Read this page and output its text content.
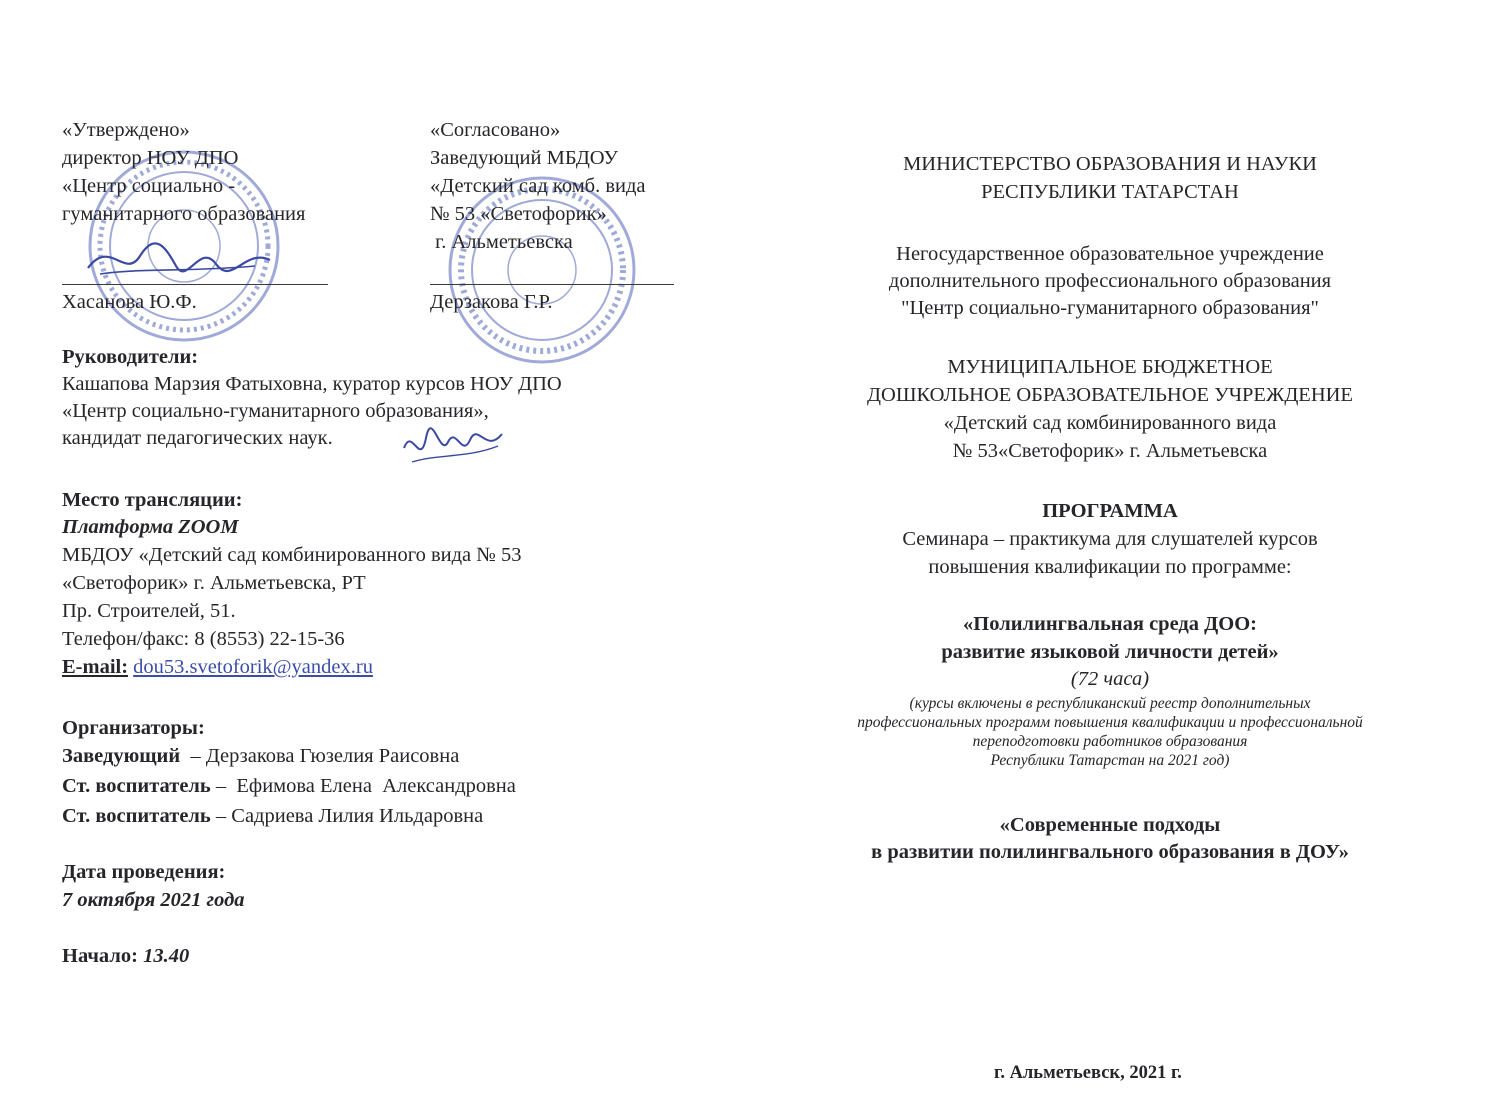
«Утверждено»
директор НОУ ДПО
«Центр социально -
гуманитарного образования
Хасанова Ю.Ф.
«Согласовано»
Заведующий МБДОУ
«Детский сад комб. вида
№ 53 «Светофорик»
г. Альметьевска
Дерзакова Г.Р.
Руководители:
Кашапова Марзия Фатыховна, куратор курсов НОУ ДПО
«Центр социально-гуманитарного образования»,
кандидат педагогических наук.
Место трансляции:
Платформа ZOOM
МБДОУ «Детский сад комбинированного вида № 53
«Светофорик» г. Альметьевска, РТ
Пр. Строителей, 51.
Телефон/факс: 8 (8553) 22-15-36
E-mail: dou53.svetoforik@yandex.ru
Организаторы:
Заведующий  – Дерзакова Гюзелия Раисовна
Ст. воспитатель –  Ефимова Елена  Александровна
Ст. воспитатель – Садриева Лилия Ильдаровна
Дата проведения:
7 октября 2021 года
Начало: 13.40
МИНИСТЕРСТВО ОБРАЗОВАНИЯ И НАУКИ
РЕСПУБЛИКИ ТАТАРСТАН
Негосударственное образовательное учреждение
дополнительного профессионального образования
"Центр социально-гуманитарного образования"
МУНИЦИПАЛЬНОЕ БЮДЖЕТНОЕ
ДОШКОЛЬНОЕ ОБРАЗОВАТЕЛЬНОЕ УЧРЕЖДЕНИЕ
«Детский сад комбинированного вида
№ 53«Светофорик» г. Альметьевска
ПРОГРАММА
Семинара – практикума для слушателей курсов
повышения квалификации по программе:
«Полилингвальная среда ДОО:
развитие языковой личности детей»
(72 часа)
(курсы включены в республиканский реестр дополнительных
профессиональных программ повышения квалификации и профессиональной
переподготовки работников образования
Республики Татарстан на 2021 год)
«Современные подходы
в развитии полилингвального образования в ДОУ»
г. Альметьевск, 2021 г.
